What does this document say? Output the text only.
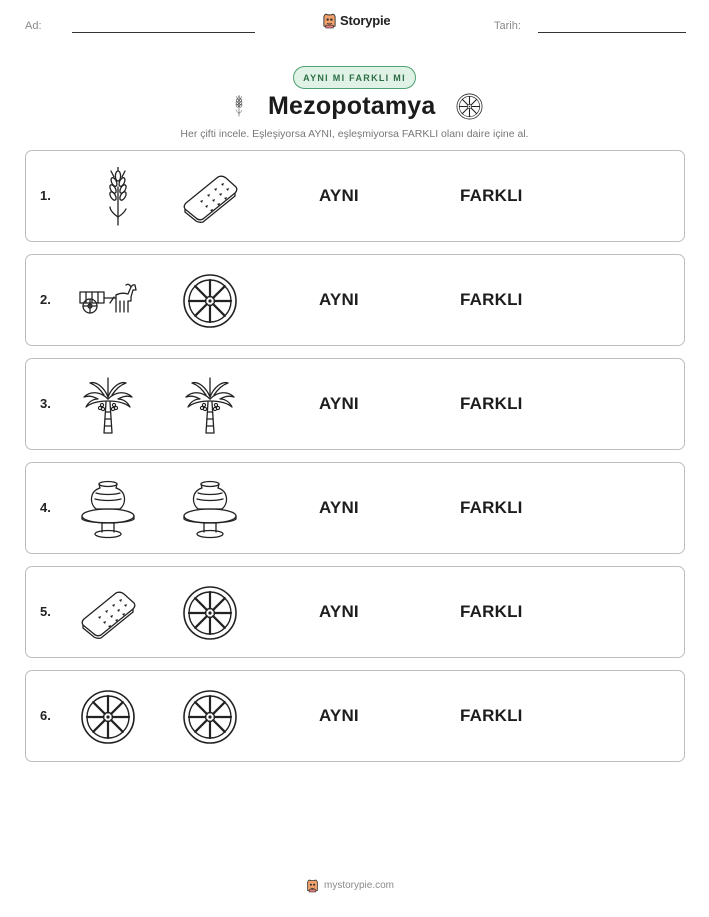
Ad:	Storypie	Tarih:
AYNI MI FARKLI MI
Mezopotamya
Her çifti incele. Eşleşiyorsa AYNI, eşleşmiyorsa FARKLI olanı daire içine al.
1.	AYNI	FARKLI
2.	AYNI	FARKLI
3.	AYNI	FARKLI
4.	AYNI	FARKLI
5.	AYNI	FARKLI
6.	AYNI	FARKLI
mystorypie.com
